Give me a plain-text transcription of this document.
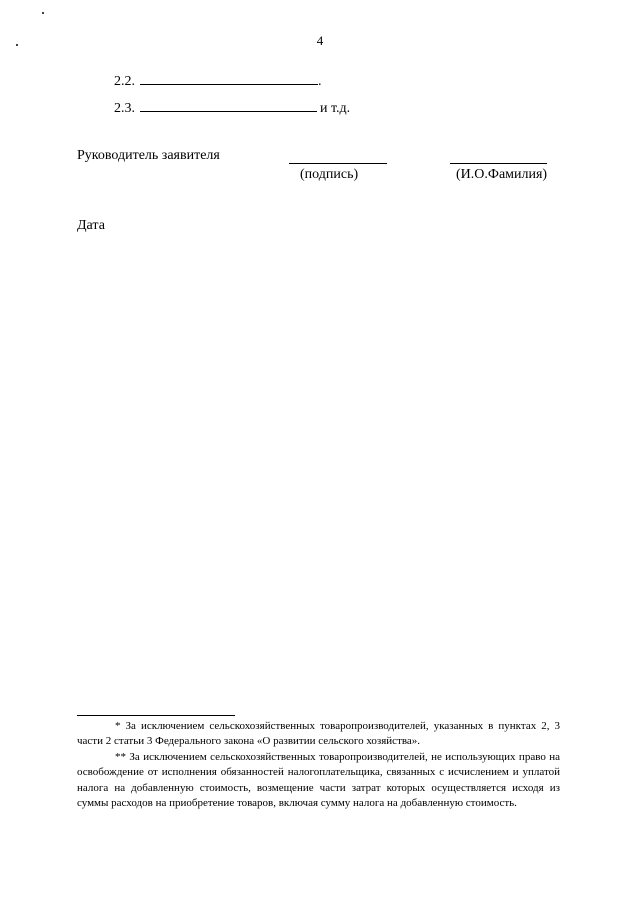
4
2.2.	.
2.3.	и т.д.
Руководитель заявителя
(подпись)	(И.О.Фамилия)
Дата

* За исключением сельскохозяйственных товаропроизводителей, указанных в пунктах 2, 3 части 2 статьи 3 Федерального закона «О развитии сельского хозяйства».

** За исключением сельскохозяйственных товаропроизводителей, не использующих право на освобождение от исполнения обязанностей налогоплательщика, связанных с исчислением и уплатой налога на добавленную стоимость, возмещение части затрат которых осуществляется исходя из суммы расходов на приобретение товаров, включая сумму налога на добавленную стоимость.
